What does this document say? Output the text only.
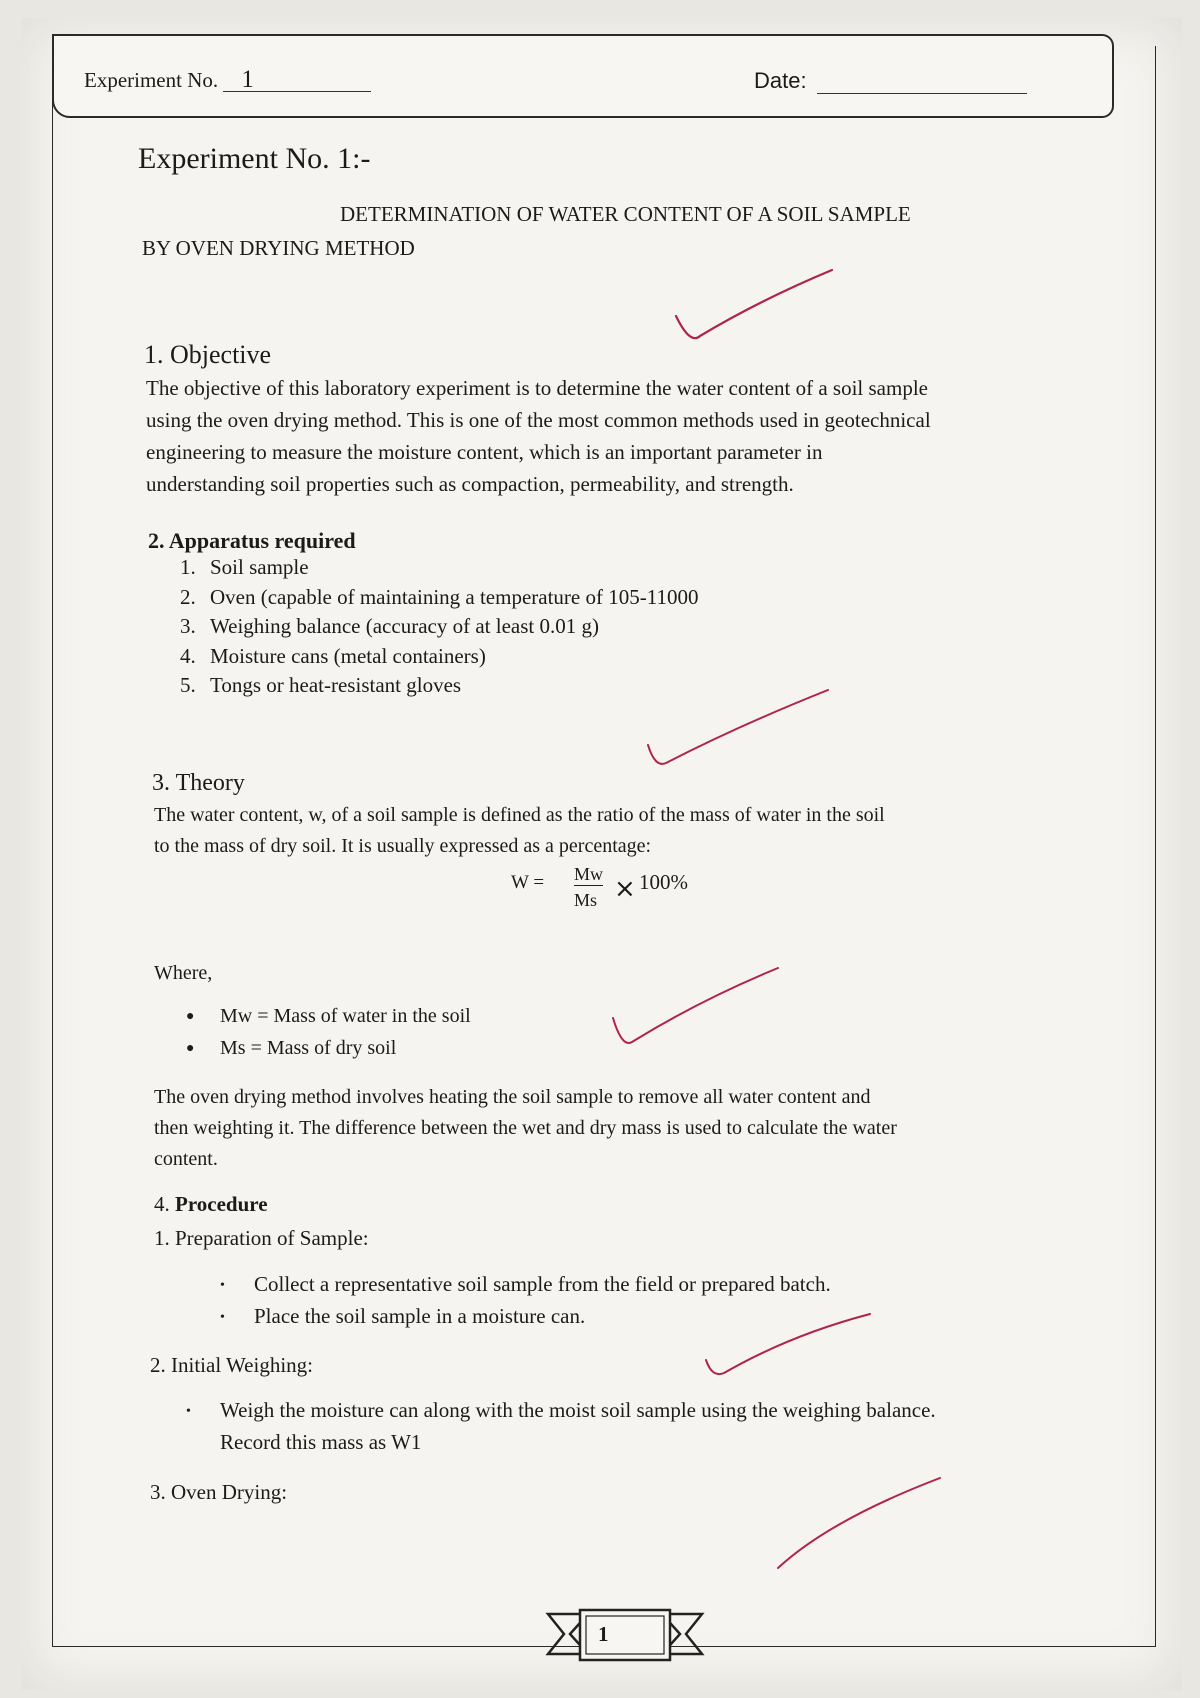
Experiment No. 1	Date:
Experiment No. 1:-
DETERMINATION OF WATER CONTENT OF A SOIL SAMPLE
BY OVEN DRYING METHOD
1. Objective
The objective of this laboratory experiment is to determine the water content of a soil sample
using the oven drying method. This is one of the most common methods used in geotechnical
engineering to measure the moisture content, which is an important parameter in
understanding soil properties such as compaction, permeability, and strength.
2. Apparatus required
1. Soil sample
2. Oven (capable of maintaining a temperature of 105-11000
3. Weighing balance (accuracy of at least 0.01 g)
4. Moisture cans (metal containers)
5. Tongs or heat-resistant gloves
3. Theory
The water content, w, of a soil sample is defined as the ratio of the mass of water in the soil
to the mass of dry soil. It is usually expressed as a percentage:
W = Mw
Ms × 100%
Where,
● Mw = Mass of water in the soil
● Ms = Mass of dry soil
The oven drying method involves heating the soil sample to remove all water content and
then weighting it. The difference between the wet and dry mass is used to calculate the water
content.
4. Procedure
1. Preparation of Sample:
• Collect a representative soil sample from the field or prepared batch.
• Place the soil sample in a moisture can.
2. Initial Weighing:
• Weigh the moisture can along with the moist soil sample using the weighing balance.
Record this mass as W1
3. Oven Drying:
1
